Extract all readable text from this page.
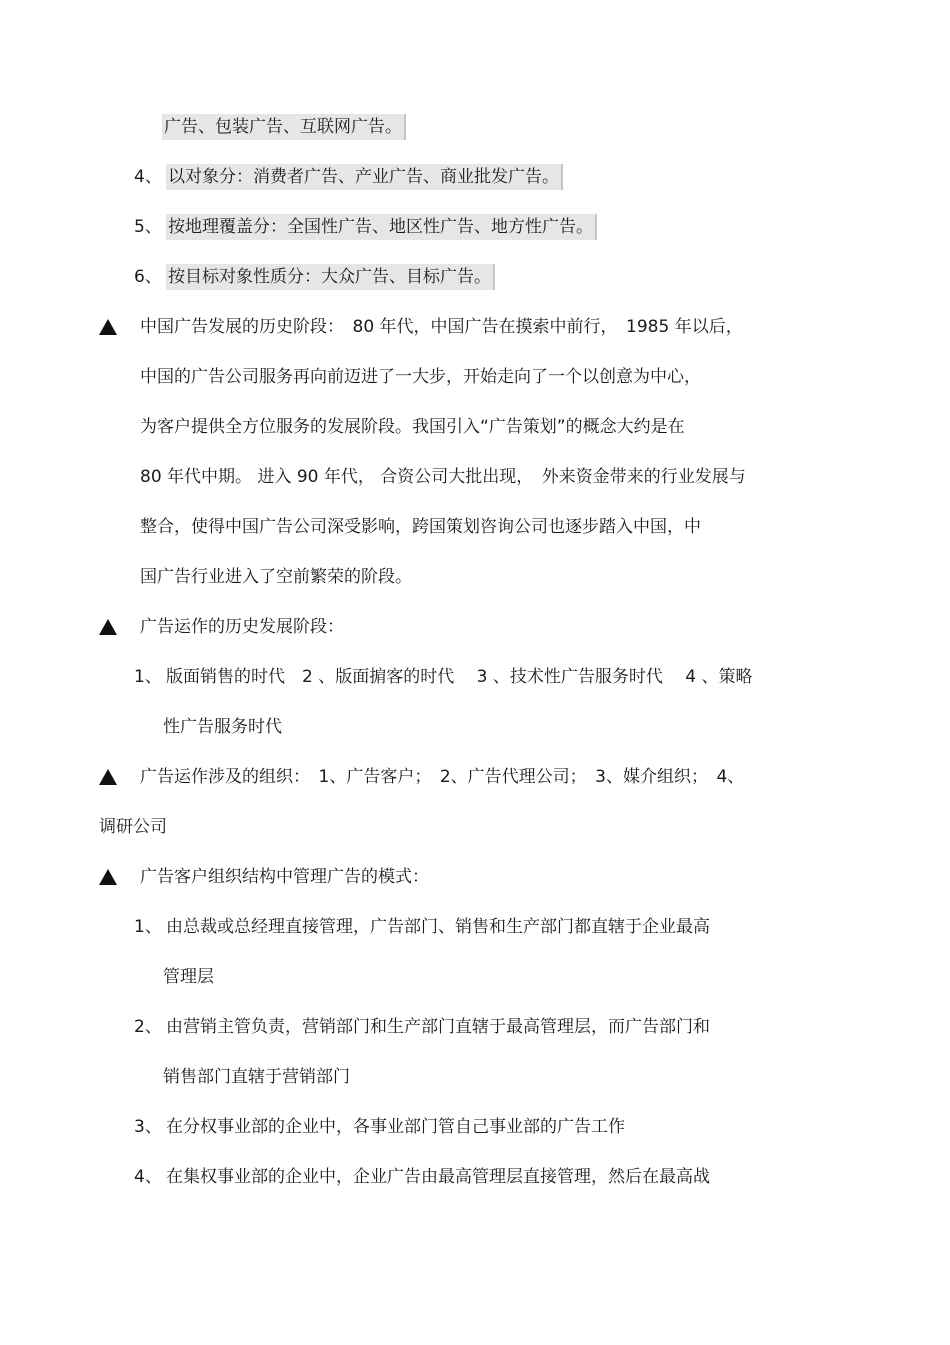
广告、包装广告、互联网广告。
4、 以对象分：消费者广告、产业广告、商业批发广告。
5、 按地理覆盖分：全国性广告、地区性广告、地方性广告。
6、 按目标对象性质分：大众广告、目标广告。
中国广告发展的历史阶段：　80 年代，中国广告在摸索中前行，　1985 年以后，
中国的广告公司服务再向前迈进了一大步，开始走向了一个以创意为中心，
为客户提供全方位服务的发展阶段。我国引入“广告策划”的概念大约是在
80 年代中期。 进入 90 年代， 合资公司大批出现，　外来资金带来的行业发展与
整合，使得中国广告公司深受影响，跨国策划咨询公司也逐步踏入中国，中
国广告行业进入了空前繁荣的阶段。
广告运作的历史发展阶段：
1、 版面销售的时代　2 、版面掮客的时代　 3 、技术性广告服务时代　 4 、策略
性广告服务时代
广告运作涉及的组织：　1、广告客户；　2、广告代理公司；　3、媒介组织；　4、
调研公司
广告客户组织结构中管理广告的模式：
1、 由总裁或总经理直接管理，广告部门、销售和生产部门都直辖于企业最高
管理层
2、 由营销主管负责，营销部门和生产部门直辖于最高管理层，而广告部门和
销售部门直辖于营销部门
3、 在分权事业部的企业中，各事业部门管自己事业部的广告工作
4、 在集权事业部的企业中，企业广告由最高管理层直接管理，然后在最高战
